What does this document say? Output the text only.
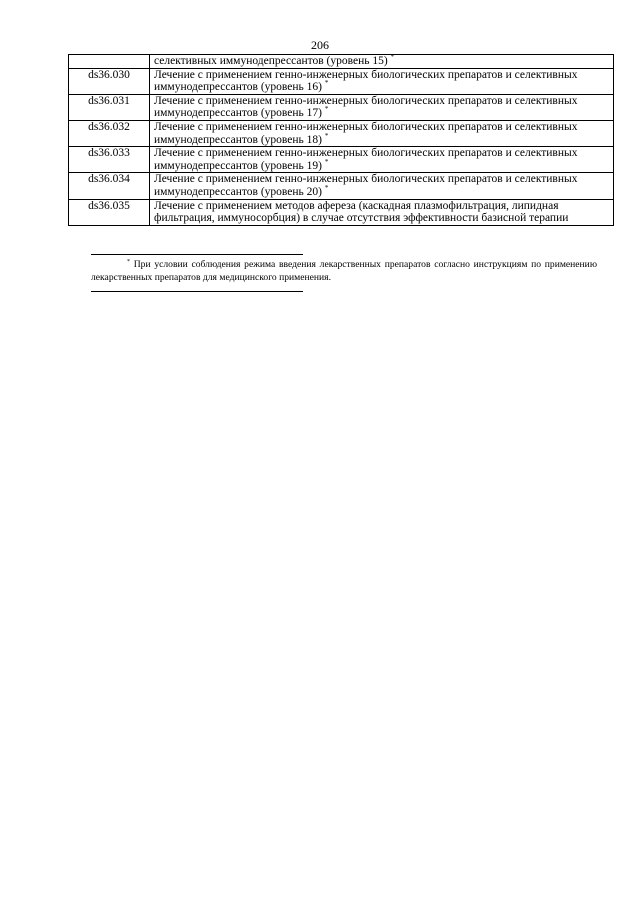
206
	селективных иммунодепрессантов (уровень 15) *
ds36.030	Лечение с применением генно-инженерных биологических препаратов и селективных иммунодепрессантов (уровень 16) *
ds36.031	Лечение с применением генно-инженерных биологических препаратов и селективных иммунодепрессантов (уровень 17) *
ds36.032	Лечение с применением генно-инженерных биологических препаратов и селективных иммунодепрессантов (уровень 18) *
ds36.033	Лечение с применением генно-инженерных биологических препаратов и селективных иммунодепрессантов (уровень 19) *
ds36.034	Лечение с применением генно-инженерных биологических препаратов и селективных иммунодепрессантов (уровень 20) *
ds36.035	Лечение с применением методов афереза (каскадная плазмофильтрация, липидная фильтрация, иммуносорбция) в случае отсутствия эффективности базисной терапии
* При условии соблюдения режима введения лекарственных препаратов согласно инструкциям по применению лекарственных препаратов для медицинского применения.
